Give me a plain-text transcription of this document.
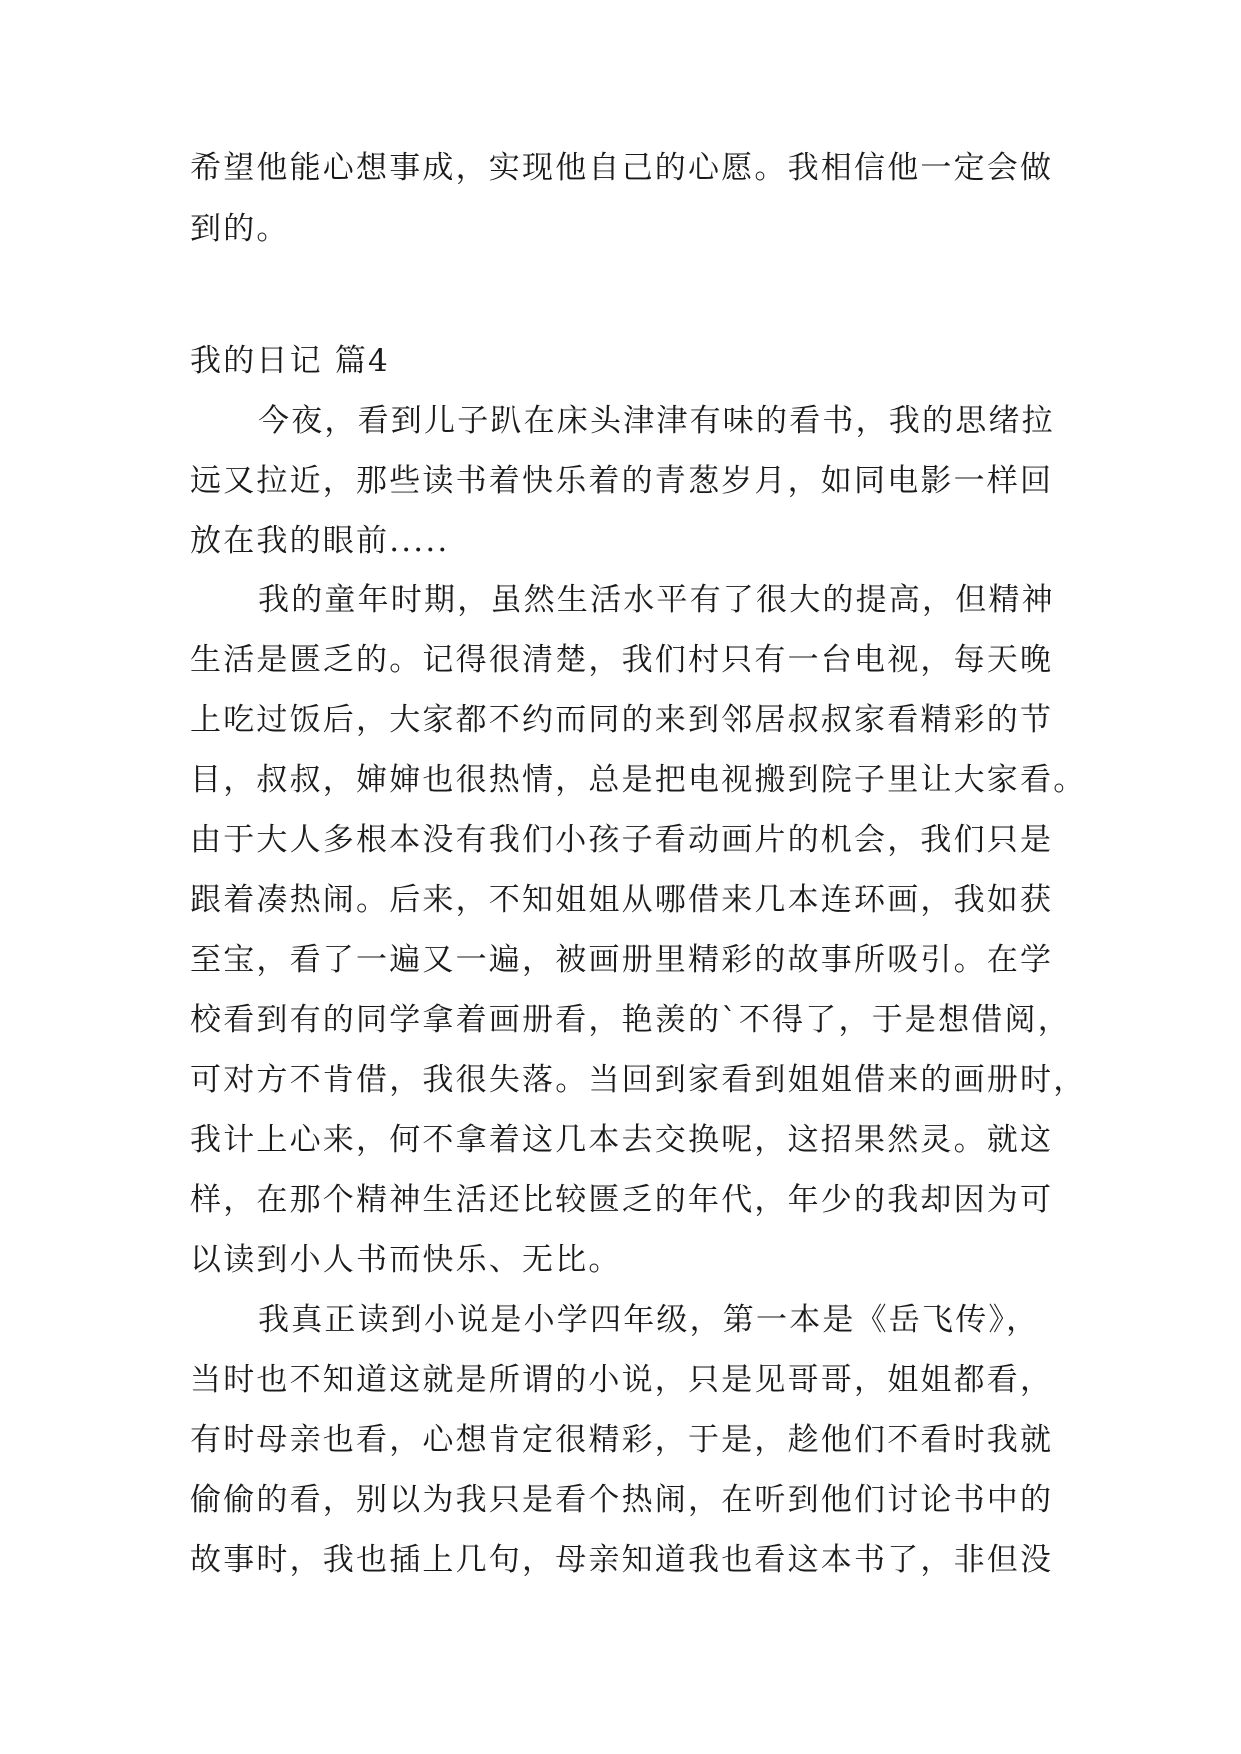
希望他能心想事成，实现他自己的心愿。我相信他一定会做
到的。
我的日记 篇4
今夜，看到儿子趴在床头津津有味的看书，我的思绪拉
远又拉近，那些读书着快乐着的青葱岁月，如同电影一样回
放在我的眼前.....
我的童年时期，虽然生活水平有了很大的提高，但精神
生活是匮乏的。记得很清楚，我们村只有一台电视，每天晚
上吃过饭后，大家都不约而同的来到邻居叔叔家看精彩的节
目，叔叔，婶婶也很热情，总是把电视搬到院子里让大家看。
由于大人多根本没有我们小孩子看动画片的机会，我们只是
跟着凑热闹。后来，不知姐姐从哪借来几本连环画，我如获
至宝，看了一遍又一遍，被画册里精彩的故事所吸引。在学
校看到有的同学拿着画册看，艳羡的`不得了，于是想借阅，
可对方不肯借，我很失落。当回到家看到姐姐借来的画册时，
我计上心来，何不拿着这几本去交换呢，这招果然灵。就这
样，在那个精神生活还比较匮乏的年代，年少的我却因为可
以读到小人书而快乐、无比。
我真正读到小说是小学四年级，第一本是《岳飞传》，
当时也不知道这就是所谓的小说，只是见哥哥，姐姐都看，
有时母亲也看，心想肯定很精彩，于是，趁他们不看时我就
偷偷的看，别以为我只是看个热闹，在听到他们讨论书中的
故事时，我也插上几句，母亲知道我也看这本书了，非但没
